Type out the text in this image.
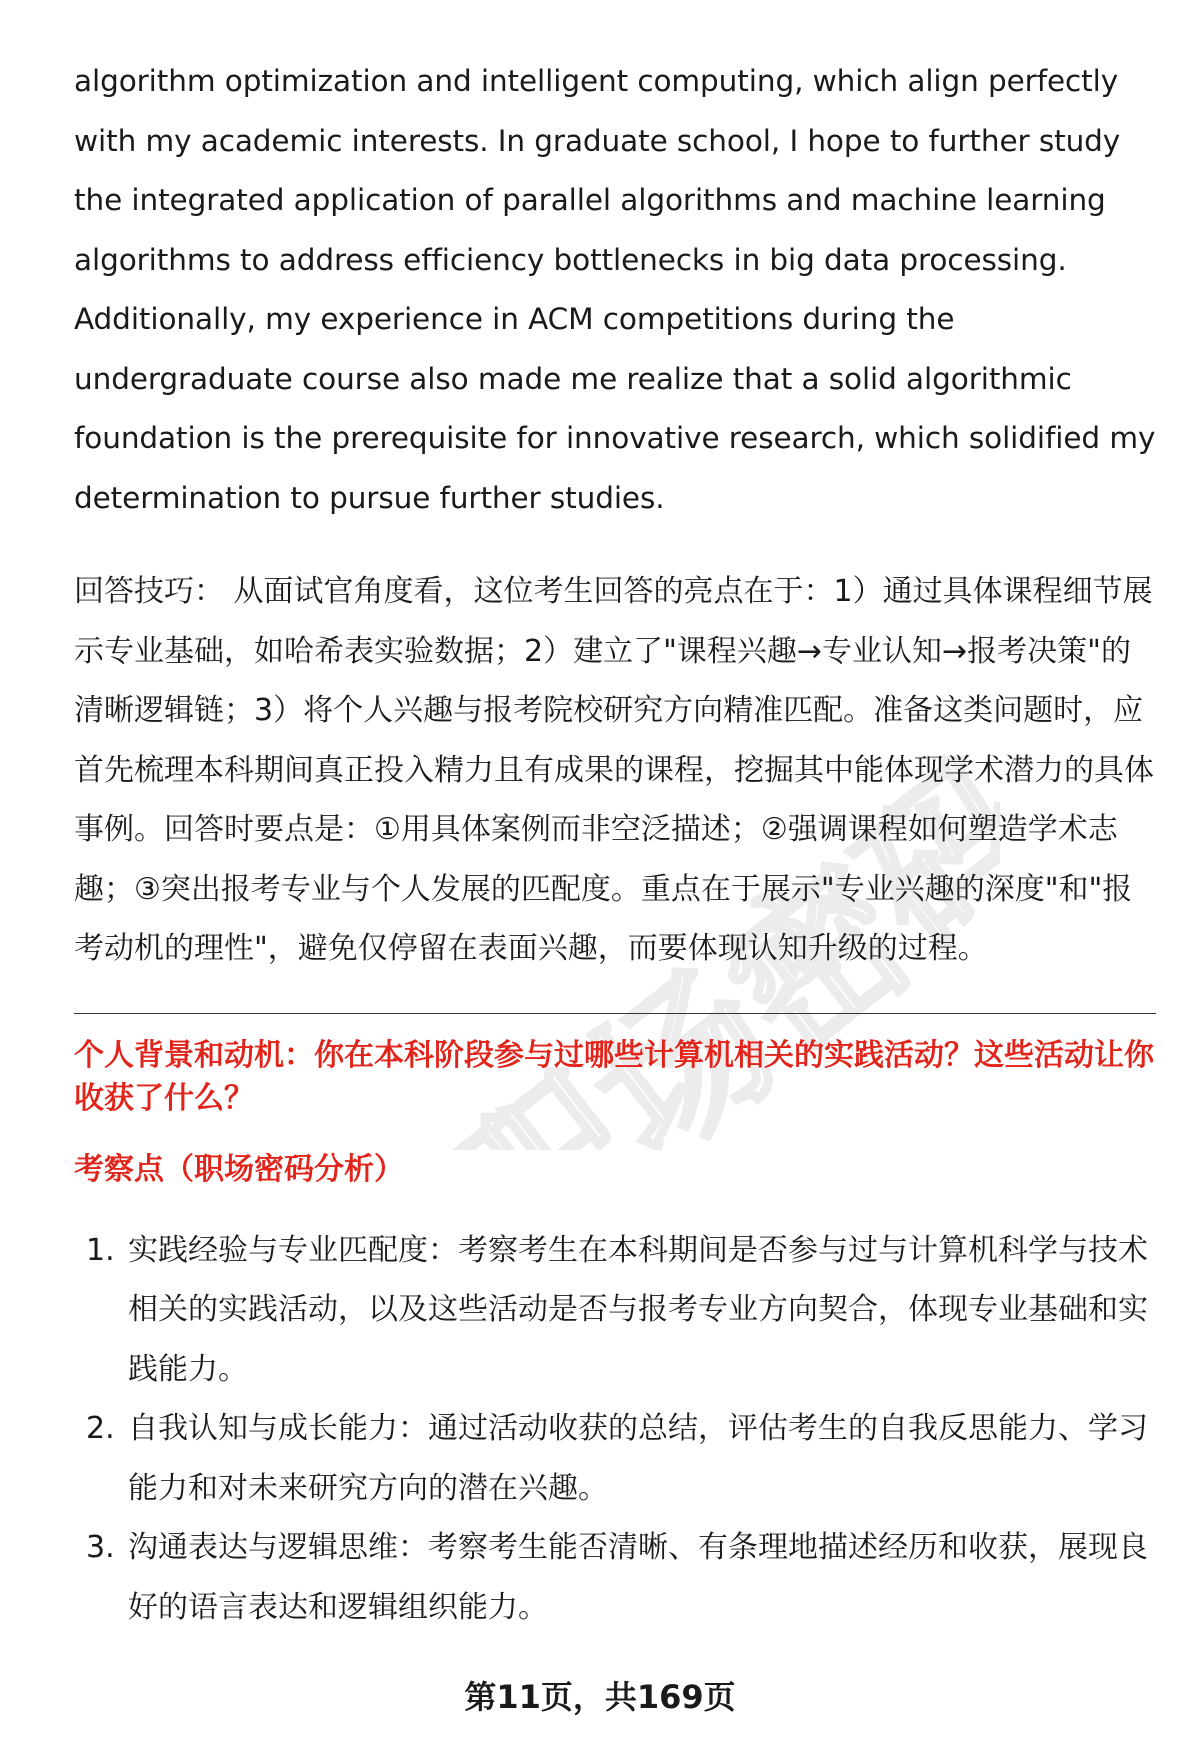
职场密码

algorithm optimization and intelligent computing, which align perfectly with my academic interests. In graduate school, I hope to further study the integrated application of parallel algorithms and machine learning algorithms to address efficiency bottlenecks in big data processing. Additionally, my experience in ACM competitions during the undergraduate course also made me realize that a solid algorithmic foundation is the prerequisite for innovative research, which solidified my determination to pursue further studies.

回答技巧： 从面试官角度看，这位考生回答的亮点在于：1）通过具体课程细节展示专业基础，如哈希表实验数据；2）建立了"课程兴趣→专业认知→报考决策"的清晰逻辑链；3）将个人兴趣与报考院校研究方向精准匹配。准备这类问题时，应首先梳理本科期间真正投入精力且有成果的课程，挖掘其中能体现学术潜力的具体事例。回答时要点是：①用具体案例而非空泛描述；②强调课程如何塑造学术志趣；③突出报考专业与个人发展的匹配度。重点在于展示"专业兴趣的深度"和"报考动机的理性"，避免仅停留在表面兴趣，而要体现认知升级的过程。

个人背景和动机：你在本科阶段参与过哪些计算机相关的实践活动？这些活动让你收获了什么？

考察点（职场密码分析）

1. 实践经验与专业匹配度：考察考生在本科期间是否参与过与计算机科学与技术相关的实践活动，以及这些活动是否与报考专业方向契合，体现专业基础和实践能力。
2. 自我认知与成长能力：通过活动收获的总结，评估考生的自我反思能力、学习能力和对未来研究方向的潜在兴趣。
3. 沟通表达与逻辑思维：考察考生能否清晰、有条理地描述经历和收获，展现良好的语言表达和逻辑组织能力。
第11页，共169页
